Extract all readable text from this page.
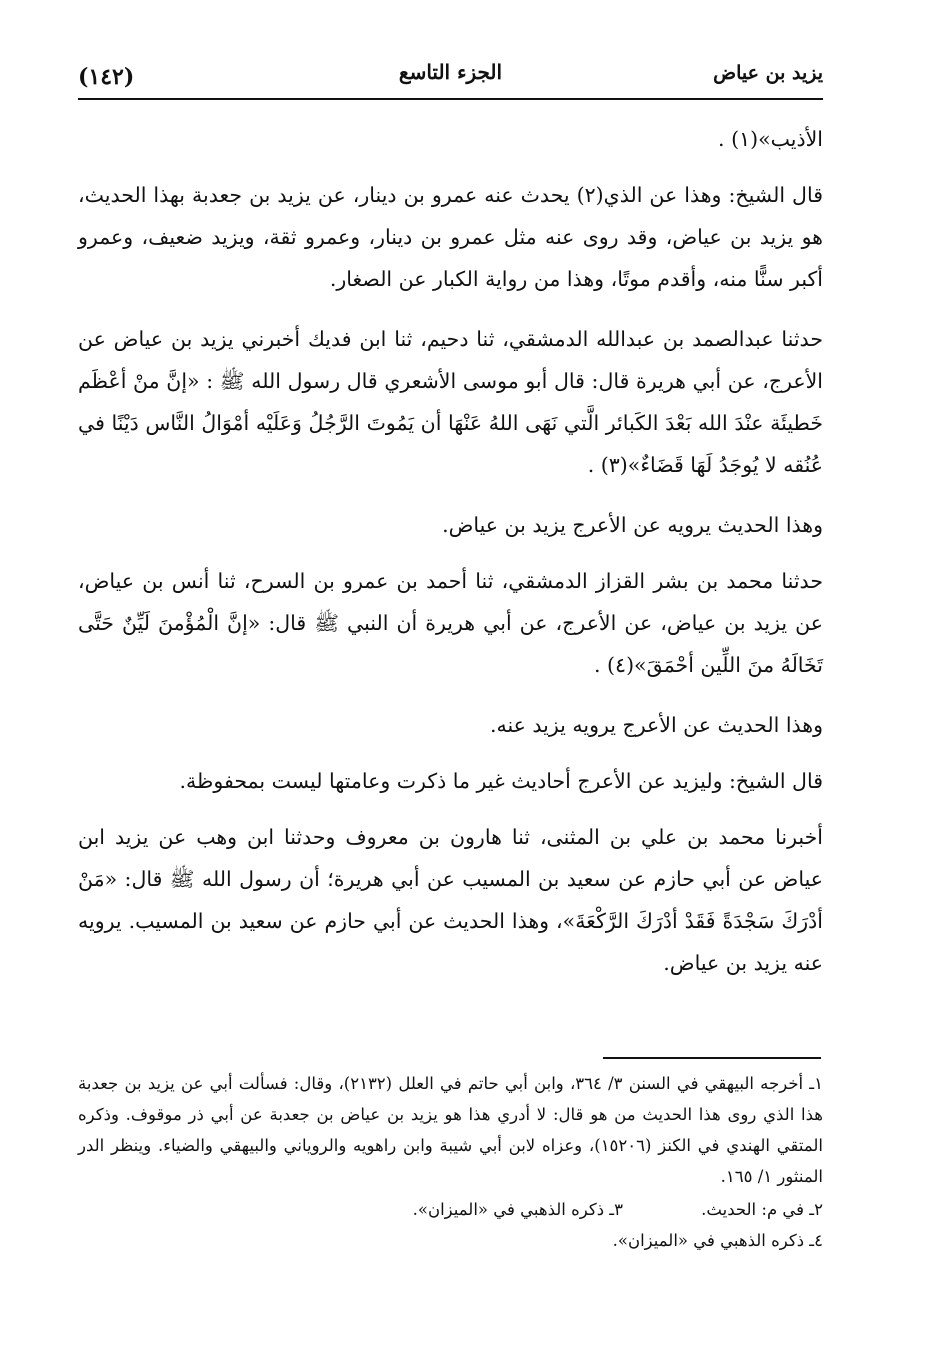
يزيد بن عياض
الجزء التاسع
(١٤٢)

الأذيب»(١) .

قال الشيخ: وهذا عن الذي(٢) يحدث عنه عمرو بن دينار، عن يزيد بن جعدبة بهذا الحديث، هو يزيد بن عياض، وقد روى عنه مثل عمرو بن دينار، وعمرو ثقة، ويزيد ضعيف، وعمرو أكبر سنًّا منه، وأقدم موتًا، وهذا من رواية الكبار عن الصغار.

حدثنا عبدالصمد بن عبدالله الدمشقي، ثنا دحيم، ثنا ابن فديك أخبرني يزيد بن عياض عن الأعرج، عن أبي هريرة قال: قال أبو موسى الأشعري قال رسول الله ﷺ : «إنَّ منْ أعْظَم خَطيئَة عنْدَ الله بَعْدَ الكَبائر الَّتي نَهَى اللهُ عَنْهَا أن يَمُوتَ الرَّجُلُ وَعَلَيْه أمْوَالُ النَّاس دَيْنًا في عُنُقه لا يُوجَدُ لَهَا قَضَاءٌ»(٣) .

وهذا الحديث يرويه عن الأعرج يزيد بن عياض.

حدثنا محمد بن بشر القزاز الدمشقي، ثنا أحمد بن عمرو بن السرح، ثنا أنس بن عياض، عن يزيد بن عياض، عن الأعرج، عن أبي هريرة أن النبي ﷺ قال: «إنَّ الْمُؤْمنَ لَيِّنٌ حَتَّى تَخَالَهُ منَ اللِّين أحْمَقَ»(٤) .

وهذا الحديث عن الأعرج يرويه يزيد عنه.

قال الشيخ: وليزيد عن الأعرج أحاديث غير ما ذكرت وعامتها ليست بمحفوظة.

أخبرنا محمد بن علي بن المثنى، ثنا هارون بن معروف وحدثنا ابن وهب عن يزيد ابن عياض عن أبي حازم عن سعيد بن المسيب عن أبي هريرة؛ أن رسول الله ﷺ قال: «مَنْ أدْرَكَ سَجْدَةً فَقَدْ أدْرَكَ الرَّكْعَةَ»، وهذا الحديث عن أبي حازم عن سعيد بن المسيب. يرويه عنه يزيد بن عياض.

١ـ أخرجه البيهقي في السنن ٣/ ٣٦٤، وابن أبي حاتم في العلل (٢١٣٢)، وقال: فسألت أبي عن يزيد بن جعدبة هذا الذي روى هذا الحديث من هو قال: لا أدري هذا هو يزيد بن عياض بن جعدبة عن أبي ذر موقوف. وذكره المتقي الهندي في الكنز (١٥٢٠٦)، وعزاه لابن أبي شيبة وابن راهويه والروياني والبيهقي والضياء. وينظر الدر المنثور ١/ ١٦٥.

٢ـ في م: الحديث.
٣ـ ذكره الذهبي في «الميزان».

٤ـ ذكره الذهبي في «الميزان».
